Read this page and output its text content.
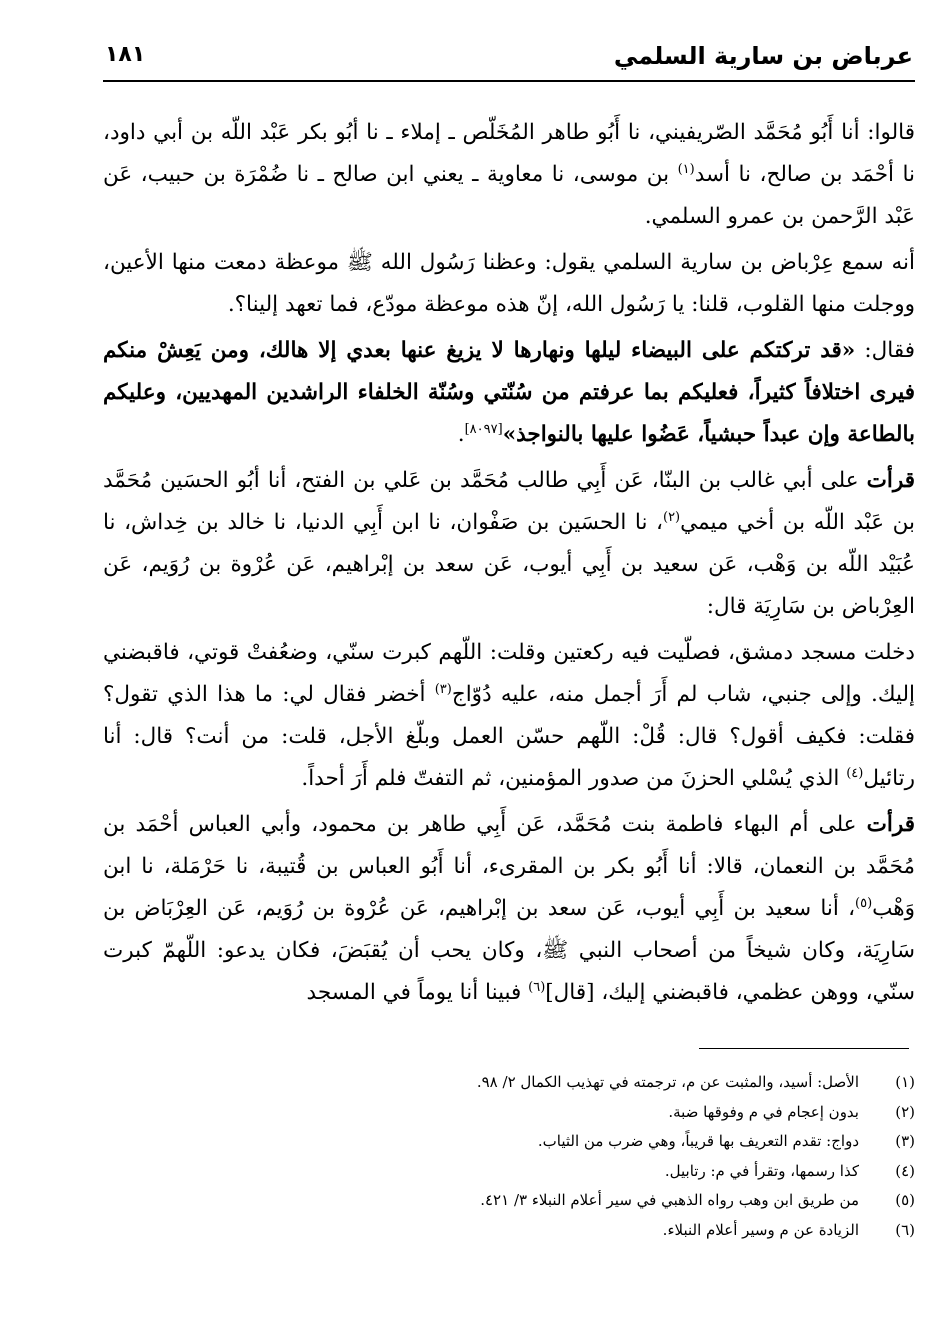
عرباض بن سارية السلمي
١٨١

قالوا: أنا أَبُو مُحَمَّد الصّريفيني، نا أَبُو طاهر المُخَلّص ـ إملاء ـ نا أبُو بكر عَبْد اللّه بن أبي داود، نا أحْمَد بن صالح، نا أسد$^{(١)}$ بن موسى، نا معاوية ـ يعني ابن صالح ـ نا ضُمْرَة بن حبيب، عَن عَبْد الرَّحمن بن عمرو السلمي.

أنه سمع عِرْباض بن سارية السلمي يقول: وعظنا رَسُول الله ﷺ موعظة دمعت منها الأعين، ووجلت منها القلوب، قلنا: يا رَسُول الله، إنّ هذه موعظة مودّع، فما تعهد إلينا؟.

فقال: «قد تركتكم على البيضاء ليلها ونهارها لا يزيغ عنها بعدي إلا هالك، ومن يَعِشْ منكم فيرى اختلافاً كثيراً، فعليكم بما عرفتم من سُنّتي وسُنّة الخلفاء الراشدين المهديين، وعليكم بالطاعة وإن عبداً حبشياً، عَضُوا عليها بالنواجذ»[٨٠٩٧].

قرأت على أبي غالب بن البنّا، عَن أَبِي طالب مُحَمَّد بن عَلي بن الفتح، أنا أبُو الحسَين مُحَمَّد بن عَبْد اللّه بن أخي ميمي$^{(٢)}$، نا الحسَين بن صَفْوان، نا ابن أَبِي الدنيا، نا خالد بن خِداش، نا عُبَيْد اللّه بن وَهْب، عَن سعيد بن أَبِي أيوب، عَن سعد بن إبْراهيم، عَن عُرْوة بن رُوَيم، عَن العِرْباض بن سَارِيَة قال:

دخلت مسجد دمشق، فصلّيت فيه ركعتين وقلت: اللّهم كبرت سنّي، وضعُفتْ قوتي، فاقبضني إليك. وإلى جنبي، شاب لم أَرَ أجمل منه، عليه دُوّاج$^{(٣)}$ أخضر فقال لي: ما هذا الذي تقول؟ فقلت: فكيف أقول؟ قال: قُلْ: اللّهم حسّن العمل وبلّغ الأجل، قلت: من أنت؟ قال: أنا رتائيل$^{(٤)}$ الذي يُسْلي الحزنَ من صدور المؤمنين، ثم التفتّ فلم أَرَ أحداً.

قرأت على أم البهاء فاطمة بنت مُحَمَّد، عَن أَبِي طاهر بن محمود، وأبي العباس أحْمَد بن مُحَمَّد بن النعمان، قالا: أنا أَبُو بكر بن المقرىء، أنا أَبُو العباس بن قُتيبة، نا حَرْمَلة، نا ابن وَهْب$^{(٥)}$، أنا سعيد بن أَبِي أيوب، عَن سعد بن إبْراهيم، عَن عُرْوة بن رُوَيم، عَن العِرْبَاض بن سَارِيَة، وكان شيخاً من أصحاب النبي ﷺ، وكان يحب أن يُقبَضَ، فكان يدعو: اللّهمّ كبرت سنّي، ووهن عظمي، فاقبضني إليك، [قال]$^{(٦)}$ فبينا أنا يوماً في المسجد

(١)
الأصل: أسيد، والمثبت عن م، ترجمته في تهذيب الكمال ٢/ ٩٨.
(٢)
بدون إعجام في م وفوقها ضبة.
(٣)
دواج: تقدم التعريف بها قريباً، وهي ضرب من الثياب.
(٤)
كذا رسمها، وتقرأ في م: رتابيل.
(٥)
من طريق ابن وهب رواه الذهبي في سير أعلام النبلاء ٣/ ٤٢١.
(٦)
الزيادة عن م وسير أعلام النبلاء.
